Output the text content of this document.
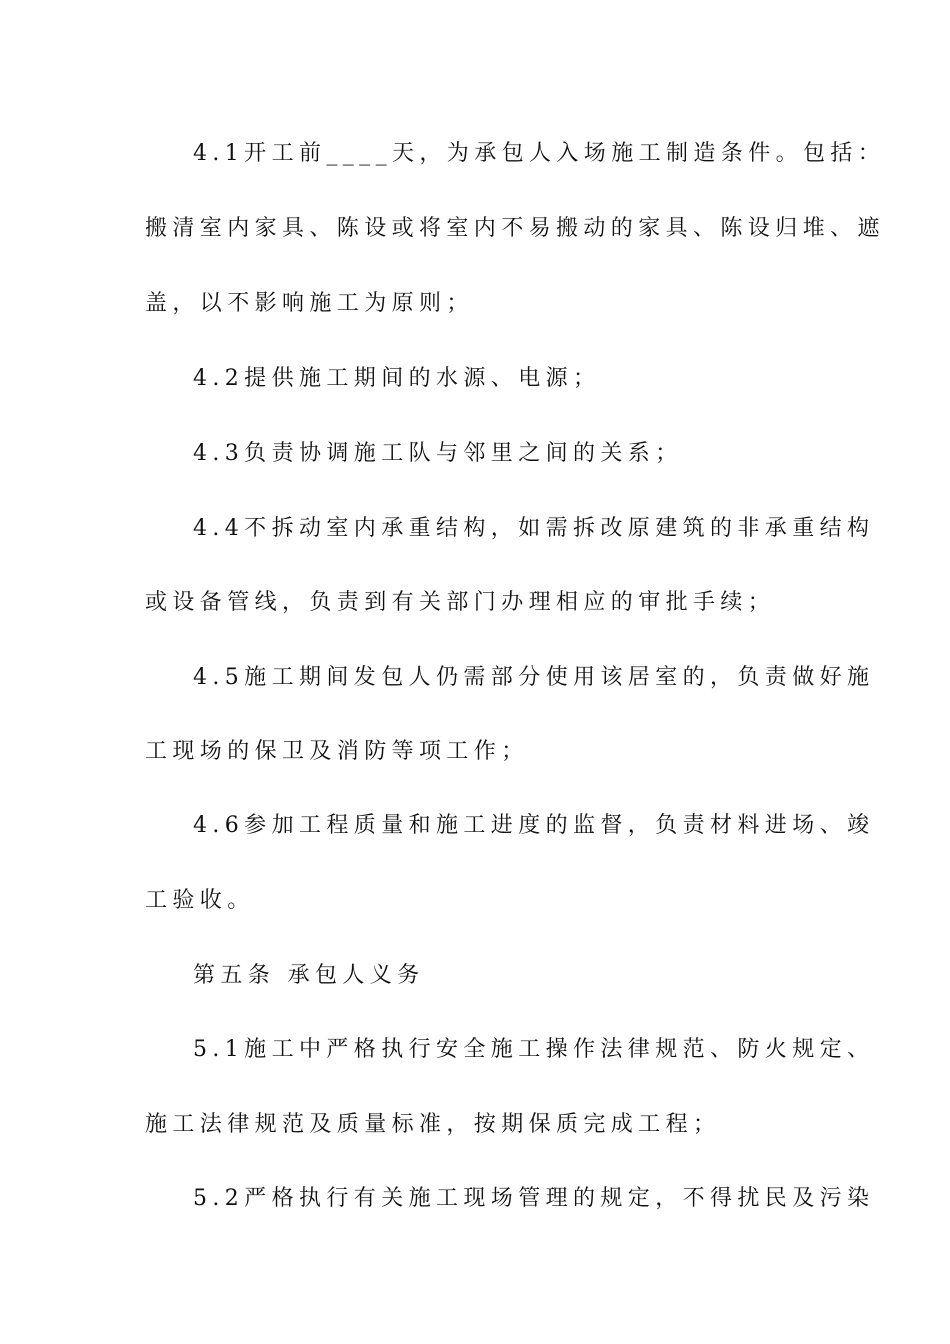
4.1开工前____天，为承包人入场施工制造条件。包括：
搬清室内家具、陈设或将室内不易搬动的家具、陈设归堆、遮
盖，以不影响施工为原则；
4.2提供施工期间的水源、电源；
4.3负责协调施工队与邻里之间的关系；
4.4不拆动室内承重结构，如需拆改原建筑的非承重结构
或设备管线，负责到有关部门办理相应的审批手续；
4.5施工期间发包人仍需部分使用该居室的，负责做好施
工现场的保卫及消防等项工作；
4.6参加工程质量和施工进度的监督，负责材料进场、竣
工验收。
第五条 承包人义务
5.1施工中严格执行安全施工操作法律规范、防火规定、
施工法律规范及质量标准，按期保质完成工程；
5.2严格执行有关施工现场管理的规定，不得扰民及污染
